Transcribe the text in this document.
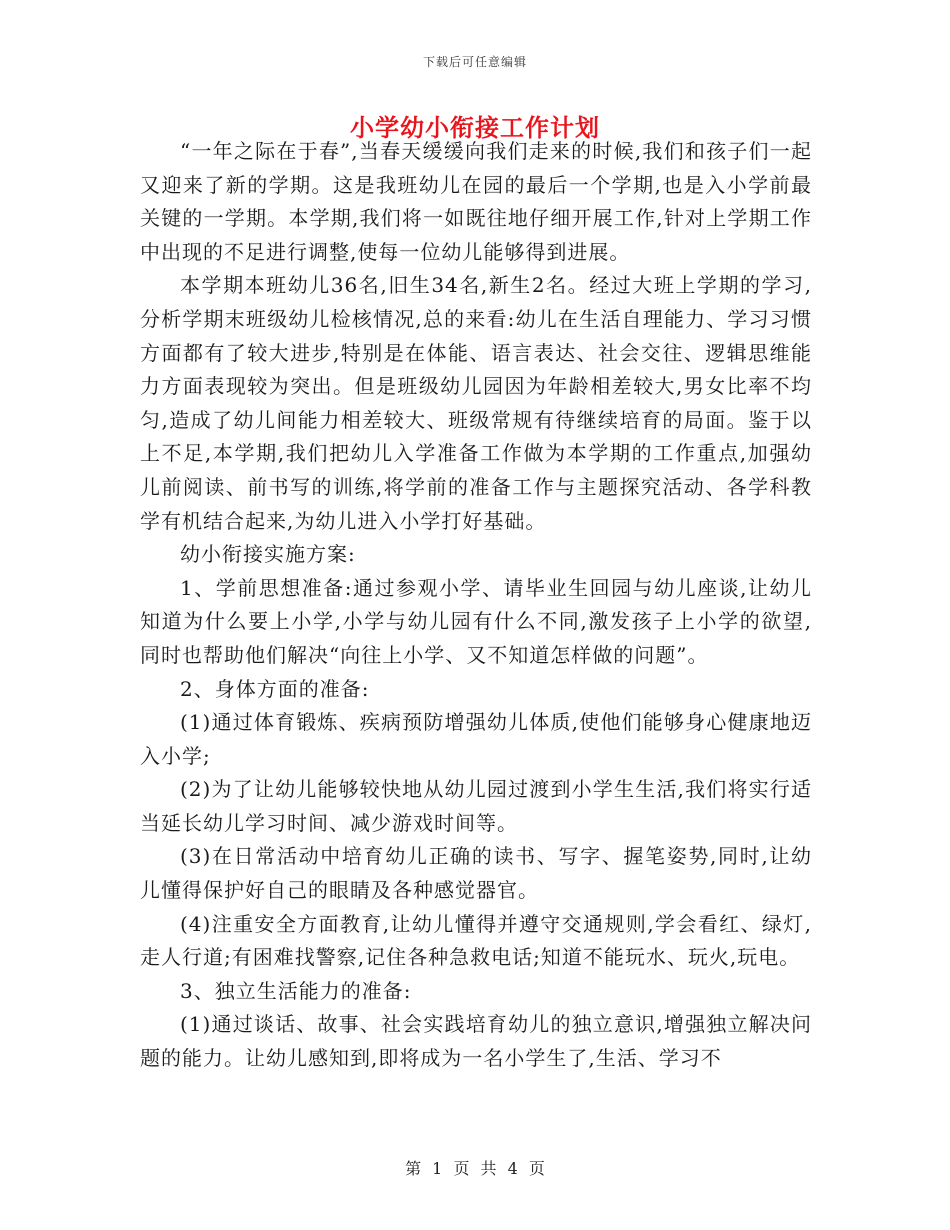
下载后可任意编辑
小学幼小衔接工作计划

“一年之际在于春”,当春天缓缓向我们走来的时候,我们和孩子们一起又迎来了新的学期。这是我班幼儿在园的最后一个学期,也是入小学前最关键的一学期。本学期,我们将一如既往地仔细开展工作,针对上学期工作中出现的不足进行调整,使每一位幼儿能够得到进展。

本学期本班幼儿36名,旧生34名,新生2名。经过大班上学期的学习,分析学期末班级幼儿检核情况,总的来看:幼儿在生活自理能力、学习习惯方面都有了较大进步,特别是在体能、语言表达、社会交往、逻辑思维能力方面表现较为突出。但是班级幼儿园因为年龄相差较大,男女比率不均匀,造成了幼儿间能力相差较大、班级常规有待继续培育的局面。鉴于以上不足,本学期,我们把幼儿入学准备工作做为本学期的工作重点,加强幼儿前阅读、前书写的训练,将学前的准备工作与主题探究活动、各学科教学有机结合起来,为幼儿进入小学打好基础。

幼小衔接实施方案:

1、学前思想准备:通过参观小学、请毕业生回园与幼儿座谈,让幼儿知道为什么要上小学,小学与幼儿园有什么不同,激发孩子上小学的欲望,同时也帮助他们解决“向往上小学、又不知道怎样做的问题”。

2、身体方面的准备:

(1)通过体育锻炼、疾病预防增强幼儿体质,使他们能够身心健康地迈入小学;

(2)为了让幼儿能够较快地从幼儿园过渡到小学生生活,我们将实行适当延长幼儿学习时间、减少游戏时间等。

(3)在日常活动中培育幼儿正确的读书、写字、握笔姿势,同时,让幼儿懂得保护好自己的眼睛及各种感觉器官。

(4)注重安全方面教育,让幼儿懂得并遵守交通规则,学会看红、绿灯,走人行道;有困难找警察,记住各种急救电话;知道不能玩水、玩火,玩电。

3、独立生活能力的准备:

(1)通过谈话、故事、社会实践培育幼儿的独立意识,增强独立解决问题的能力。让幼儿感知到,即将成为一名小学生了,生活、学习不

第 1 页 共 4 页
